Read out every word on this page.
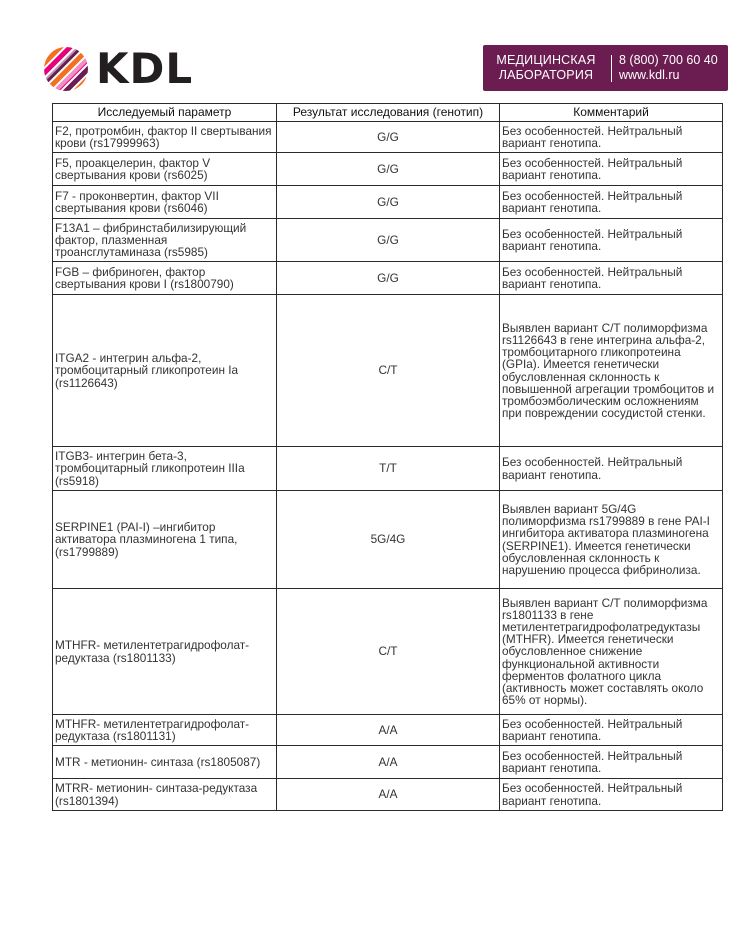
KDL	МЕДИЦИНСКАЯ
ЛАБОРАТОРИЯ
8 (800) 700 60 40
www.kdl.ru
Исследуемый параметр	Результат исследования (генотип)	Комментарий
F2, протромбин, фактор II свертывания крови (rs17999963)	G/G	Без особенностей. Нейтральный вариант генотипа.
F5, проакцелерин, фактор V свертывания крови (rs6025)	G/G	Без особенностей. Нейтральный вариант генотипа.
F7 - проконвертин, фактор VII свертывания крови (rs6046)	G/G	Без особенностей. Нейтральный вариант генотипа.
F13A1 – фибринстабилизирующий фактор, плазменная троансглутаминаза (rs5985)	G/G	Без особенностей. Нейтральный вариант генотипа.
FGB – фибриноген, фактор свертывания крови I (rs1800790)	G/G	Без особенностей. Нейтральный вариант генотипа.
ITGA2 - интегрин альфа-2, тромбоцитарный гликопротеин Ia (rs1126643)	C/T	Выявлен вариант C/T полиморфизма rs1126643 в гене интегрина альфа-2, тромбоцитарного гликопротеина (GPIa). Имеется генетически обусловленная склонность к повышенной агрегации тромбоцитов и тромбоэмболическим осложнениям при повреждении сосудистой стенки.
ITGB3- интегрин бета-3, тромбоцитарный гликопротеин IIIa (rs5918)	T/T	Без особенностей. Нейтральный вариант генотипа.
SERPINE1 (PAI-I) –ингибитор активатора плазминогена 1 типа, (rs1799889)	5G/4G	Выявлен вариант 5G/4G полиморфизма rs1799889 в гене PAI-I ингибитора активатора плазминогена (SERPINE1). Имеется генетически обусловленная склонность к нарушению процесса фибринолиза.
MTHFR- метилентетрагидрофолат-редуктаза (rs1801133)	C/T	Выявлен вариант C/T полиморфизма rs1801133 в гене метилентетрагидрофолатредуктазы (MTHFR). Имеется генетически обусловленное снижение функциональной активности ферментов фолатного цикла (активность может составлять около 65% от нормы).
MTHFR- метилентетрагидрофолат-редуктаза (rs1801131)	A/A	Без особенностей. Нейтральный вариант генотипа.
MTR - метионин- синтаза (rs1805087)	A/A	Без особенностей. Нейтральный вариант генотипа.
MTRR- метионин- синтаза-редуктаза (rs1801394)	A/A	Без особенностей. Нейтральный вариант генотипа.
